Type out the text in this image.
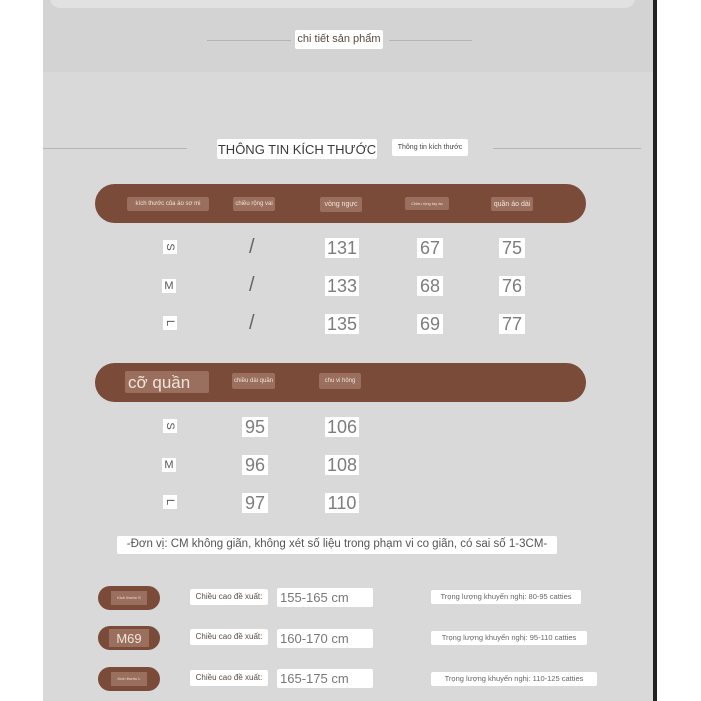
chi tiết sản phẩm
THÔNG TIN KÍCH THƯỚC	Thông tin kích thước
kích thước của áo sơ mi	chiều rộng vai	vòng ngực	Chiều rộng tay áo	quần áo dài
S	/	131	67	75
M	/	133	68	76
L	/	135	69	77
cỡ quần	chiều dài quần	chu vi hông
S	95	106
M	96	108
L	97	110
-Đơn vị: CM không giãn, không xét số liệu trong phạm vi co giãn, có sai số 1-3CM-
Kích thước S	Chiều cao đề xuất:	155-165 cm	Trọng lượng khuyến nghị: 80-95 catties
M69	Chiều cao đề xuất:	160-170 cm	Trọng lượng khuyến nghị: 95-110 catties
Kích thước L	Chiều cao đề xuất:	165-175 cm	Trọng lượng khuyến nghị: 110-125 catties
